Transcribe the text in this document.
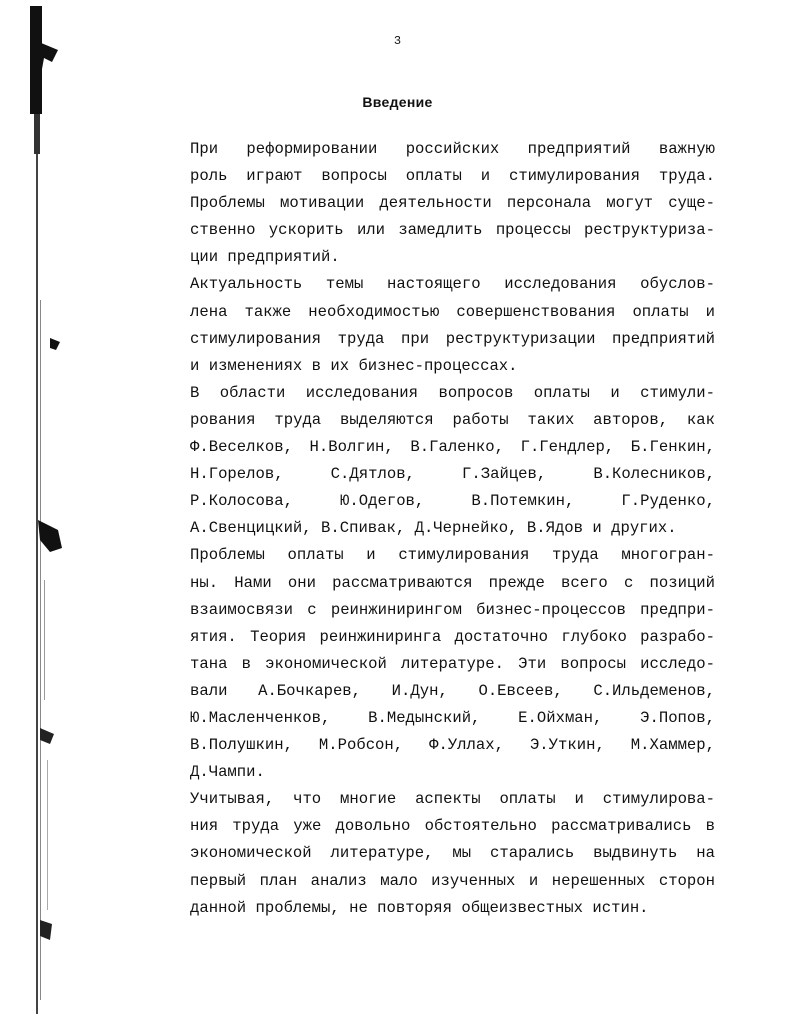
3
Введение

При реформировании российских предприятий важную
роль играют вопросы оплаты и стимулирования труда.
Проблемы мотивации деятельности персонала могут суще-
ственно ускорить или замедлить процессы реструктуриза-
ции предприятий.

Актуальность темы настоящего исследования обуслов-
лена также необходимостью совершенствования оплаты и
стимулирования труда при реструктуризации предприятий
и изменениях в их бизнес-процессах.

В области исследования вопросов оплаты и стимули-
рования труда выделяются работы таких авторов, как
Ф.Веселков, Н.Волгин, В.Галенко, Г.Гендлер, Б.Генкин,
Н.Горелов, С.Дятлов, Г.Зайцев, В.Колесников,
Р.Колосова, Ю.Одегов, В.Потемкин, Г.Руденко,
А.Свенцицкий, В.Спивак, Д.Чернейко, В.Ядов и других.

Проблемы оплаты и стимулирования труда многогран-
ны. Нами они рассматриваются прежде всего с позиций
взаимосвязи с реинжинирингом бизнес-процессов предпри-
ятия. Теория реинжиниринга достаточно глубоко разрабо-
тана в экономической литературе. Эти вопросы исследо-
вали А.Бочкарев, И.Дун, О.Евсеев, С.Ильдеменов,
Ю.Масленченков, В.Медынский, Е.Ойхман, Э.Попов,
В.Полушкин, М.Робсон, Ф.Уллах, Э.Уткин, М.Хаммер,
Д.Чампи.

Учитывая, что многие аспекты оплаты и стимулирова-
ния труда уже довольно обстоятельно рассматривались в
экономической литературе, мы старались выдвинуть на
первый план анализ мало изученных и нерешенных сторон
данной проблемы, не повторяя общеизвестных истин.
